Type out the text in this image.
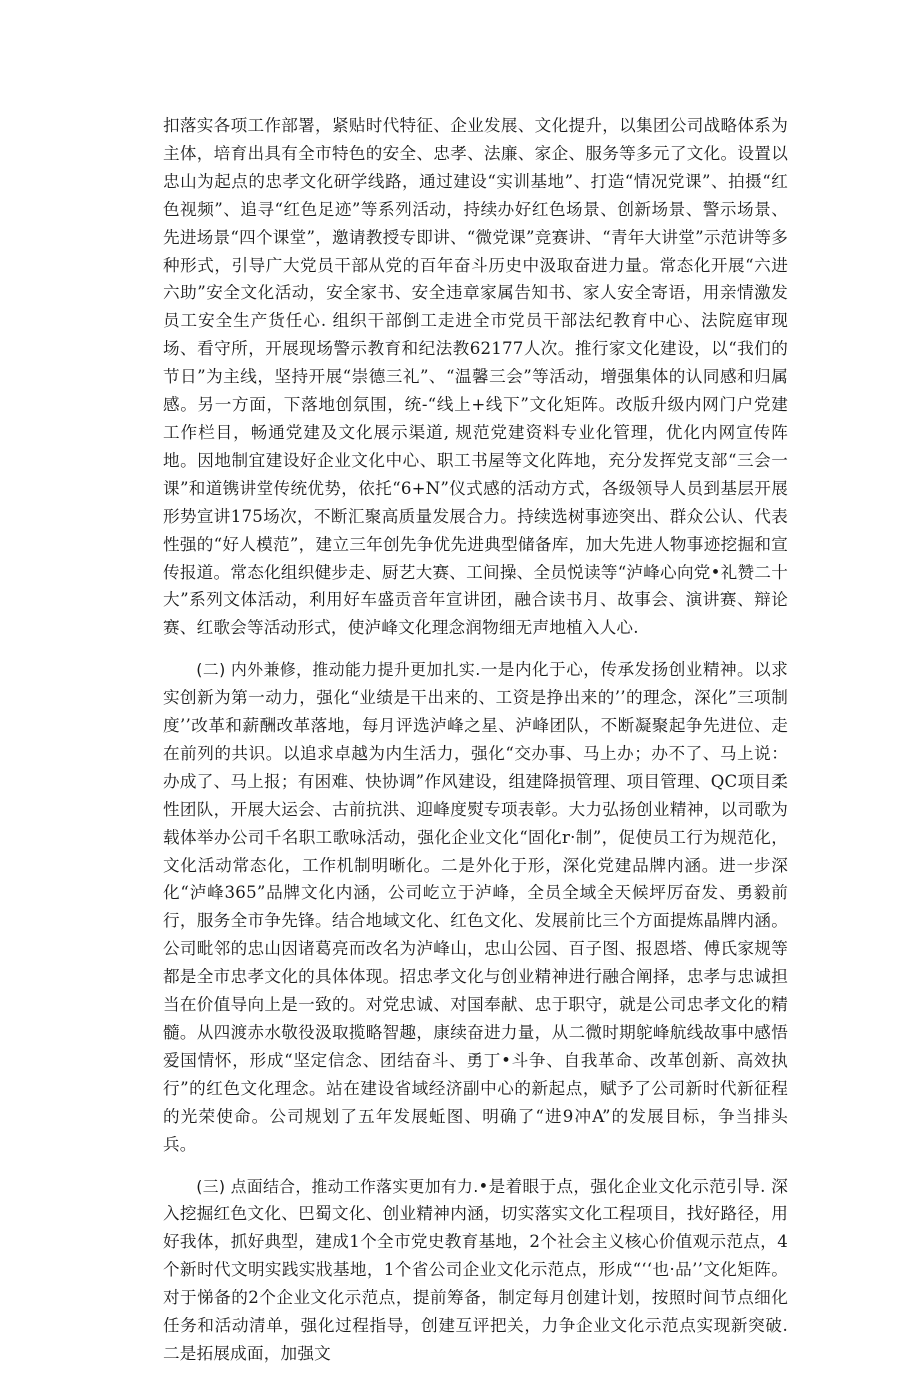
扣落实各项工作部署，紧贴时代特征、企业发展、文化提升，以集团公司战略体系为主体，培育出具有全市特色的安全、忠孝、法廉、家企、服务等多元了文化。设置以忠山为起点的忠孝文化研学线路，通过建设“实训基地”、打造“情况党课”、拍摄“红色视频”、追寻“红色足迹”等系列活动，持续办好红色场景、创新场景、警示场景、先进场景“四个课堂”，邀请教授专即讲、“微党课”竞赛讲、“青年大讲堂”示范讲等多种形式，引导广大党员干部从党的百年奋斗历史中汲取奋进力量。常态化开展“六进六助”安全文化活动，安全家书、安全违章家属告知书、家人安全寄语，用亲情激发员工安全生产货任心. 组织干部倒工走进全市党员干部法纪教育中心、法院庭审现场、看守所，开展现场警示教育和纪法教62177人次。推行家文化建设，以“我们的节日”为主线，坚持开展“崇德三礼”、“温馨三会”等活动，增强集体的认同感和归属感。另一方面，下落地创氛围，统-“线上+线下”文化矩阵。改版升级内网门户党建工作栏目，畅通党建及文化展示渠道, 规范党建资料专业化管理，优化内网宣传阵地。因地制宜建设好企业文化中心、职工书屋等文化阵地，充分发挥党支部“三会一课”和道镌讲堂传统优势，依托“6+N”仪式感的活动方式，各级领导人员到基层开展形势宣讲175场次，不断汇聚高质量发展合力。持续选树事迹突出、群众公认、代表性强的“好人模范”，建立三年创先争优先进典型储备库，加大先进人物事迹挖掘和宣传报道。常态化组织健步走、厨艺大赛、工间操、全员悦读等“泸峰心向党•礼赞二十大”系列文体活动，利用好车盛贡音年宣讲团，融合读书月、故事会、演讲赛、辩论赛、红歌会等活动形式，使泸峰文化理念润物细无声地植入人心.

(二) 内外兼修，推动能力提升更加扎实.一是内化于心，传承发扬创业精神。以求实创新为第一动力，强化“业绩是干出来的、工资是挣出来的’’的理念，深化”三项制度’’改革和薪酬改革落地，每月评选泸峰之星、泸峰团队，不断凝聚起争先进位、走在前列的共识。以追求卓越为内生活力，强化“交办事、马上办；办不了、马上说：办成了、马上报；有困难、快协调”作风建设，组建降损管理、项目管理、QC项目柔性团队，开展大运会、古前抗洪、迎峰度熨专项表彰。大力弘扬创业精神，以司歌为载体举办公司千名职工歌咏活动，强化企业文化“固化r·制”，促使员工行为规范化，文化活动常态化，工作机制明晰化。二是外化于形，深化党建品牌内涵。进一步深化“泸峰365”品牌文化内涵，公司屹立于泸峰，全员全域全天候坪厉奋发、勇毅前行，服务全市争先锋。结合地域文化、红色文化、发展前比三个方面提炼晶牌内涵。公司毗邻的忠山因诸葛亮而改名为泸峰山，忠山公园、百子图、报恩塔、傅氏家规等都是全市忠孝文化的具体体现。招忠孝文化与创业精神进行融合阐择，忠孝与忠诚担当在价值导向上是一致的。对党忠诚、对国奉献、忠于职守，就是公司忠孝文化的精髓。从四渡赤水敬役汲取揽略智趣，康续奋进力量，从二微时期鸵峰航线故事中感悟爱国情怀，形成“坚定信念、团结奋斗、勇丁•斗争、自我革命、改革创新、高效执行”的红色文化理念。站在建设省域经济副中心的新起点，赋予了公司新时代新征程的光荣使命。公司规划了五年发展蚯图、明确了“进9冲A”的发展目标，争当排头兵。

(三) 点面结合，推动工作落实更加有力.•是着眼于点，强化企业文化示范引导. 深入挖掘红色文化、巴蜀文化、创业精神内涵，切实落实文化工程项目，找好路径，用好我体，抓好典型，建成1个全市党史教育基地，2个社会主义核心价值观示范点，4个新时代文明实践实戕基地，1个省公司企业文化示范点，形成“‘‘也·品’’文化矩阵。对于悌备的2个企业文化示范点，提前筹备，制定每月创建计划，按照时间节点细化任务和活动清单，强化过程指导，创建互评把关，力争企业文化示范点实现新突破. 二是拓展成面，加强文
